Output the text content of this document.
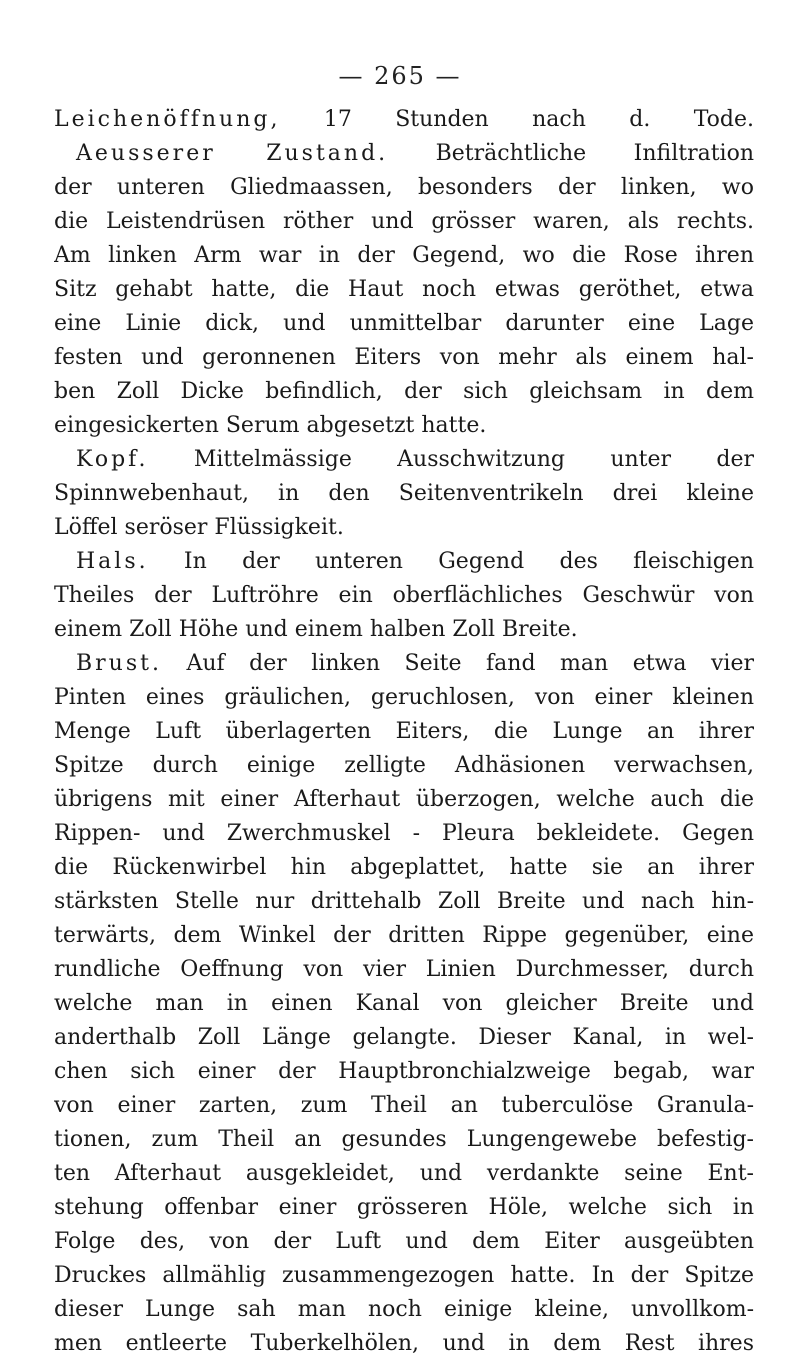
— 265 —
Leichenöffnung, 17 Stunden nach d. Tode.
Aeusserer Zustand. Beträchtliche Infiltration
der unteren Gliedmaassen, besonders der linken, wo
die Leistendrüsen röther und grösser waren, als rechts.
Am linken Arm war in der Gegend, wo die Rose ihren
Sitz gehabt hatte, die Haut noch etwas geröthet, etwa
eine Linie dick, und unmittelbar darunter eine Lage
festen und geronnenen Eiters von mehr als einem hal-
ben Zoll Dicke befindlich, der sich gleichsam in dem
eingesickerten Serum abgesetzt hatte.
Kopf. Mittelmässige Ausschwitzung unter der
Spinnwebenhaut, in den Seitenventrikeln drei kleine
Löffel seröser Flüssigkeit.
Hals. In der unteren Gegend des fleischigen
Theiles der Luftröhre ein oberflächliches Geschwür von
einem Zoll Höhe und einem halben Zoll Breite.
Brust. Auf der linken Seite fand man etwa vier
Pinten eines gräulichen, geruchlosen, von einer kleinen
Menge Luft überlagerten Eiters, die Lunge an ihrer
Spitze durch einige zelligte Adhäsionen verwachsen,
übrigens mit einer Afterhaut überzogen, welche auch die
Rippen- und Zwerchmuskel - Pleura bekleidete. Gegen
die Rückenwirbel hin abgeplattet, hatte sie an ihrer
stärksten Stelle nur drittehalb Zoll Breite und nach hin-
terwärts, dem Winkel der dritten Rippe gegenüber, eine
rundliche Oeffnung von vier Linien Durchmesser, durch
welche man in einen Kanal von gleicher Breite und
anderthalb Zoll Länge gelangte. Dieser Kanal, in wel-
chen sich einer der Hauptbronchialzweige begab, war
von einer zarten, zum Theil an tuberculöse Granula-
tionen, zum Theil an gesundes Lungengewebe befestig-
ten Afterhaut ausgekleidet, und verdankte seine Ent-
stehung offenbar einer grösseren Höle, welche sich in
Folge des, von der Luft und dem Eiter ausgeübten
Druckes allmählig zusammengezogen hatte. In der Spitze
dieser Lunge sah man noch einige kleine, unvollkom-
men entleerte Tuberkelhölen, und in dem Rest ihres
